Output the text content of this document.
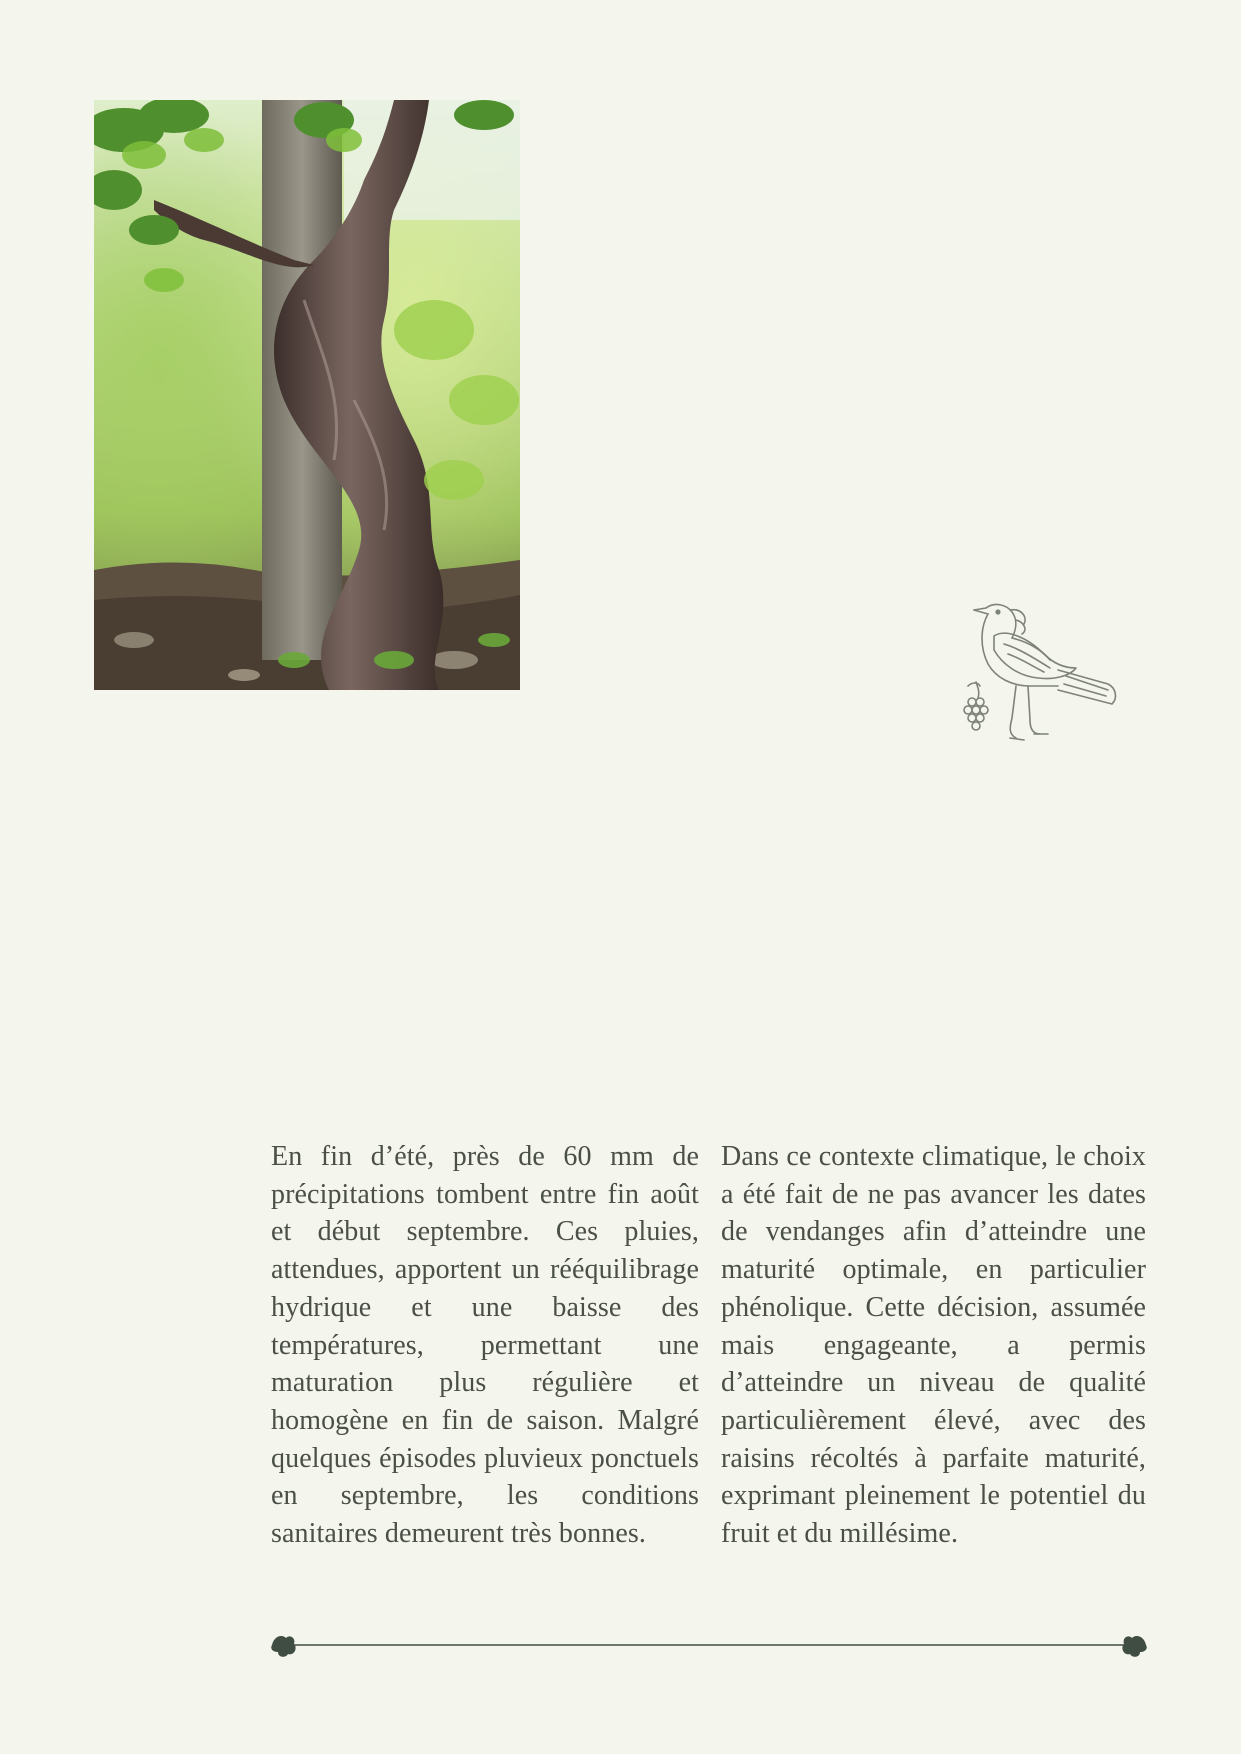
En fin d’été, près de 60 mm de précipitations tombent entre fin août et début septembre. Ces pluies, attendues, apportent un rééquilibrage hydrique et une baisse des températures, permettant une maturation plus régulière et homogène en fin de saison. Malgré quelques épisodes pluvieux ponctuels en septembre, les conditions sanitaires demeurent très bonnes.
Dans ce contexte climatique, le choix a été fait de ne pas avancer les dates de vendanges afin d’atteindre une maturité optimale, en particulier phénolique. Cette décision, assumée mais engageante, a permis d’atteindre un niveau de qualité particulièrement élevé, avec des raisins récoltés à parfaite maturité, exprimant pleinement le potentiel du fruit et du millésime.
